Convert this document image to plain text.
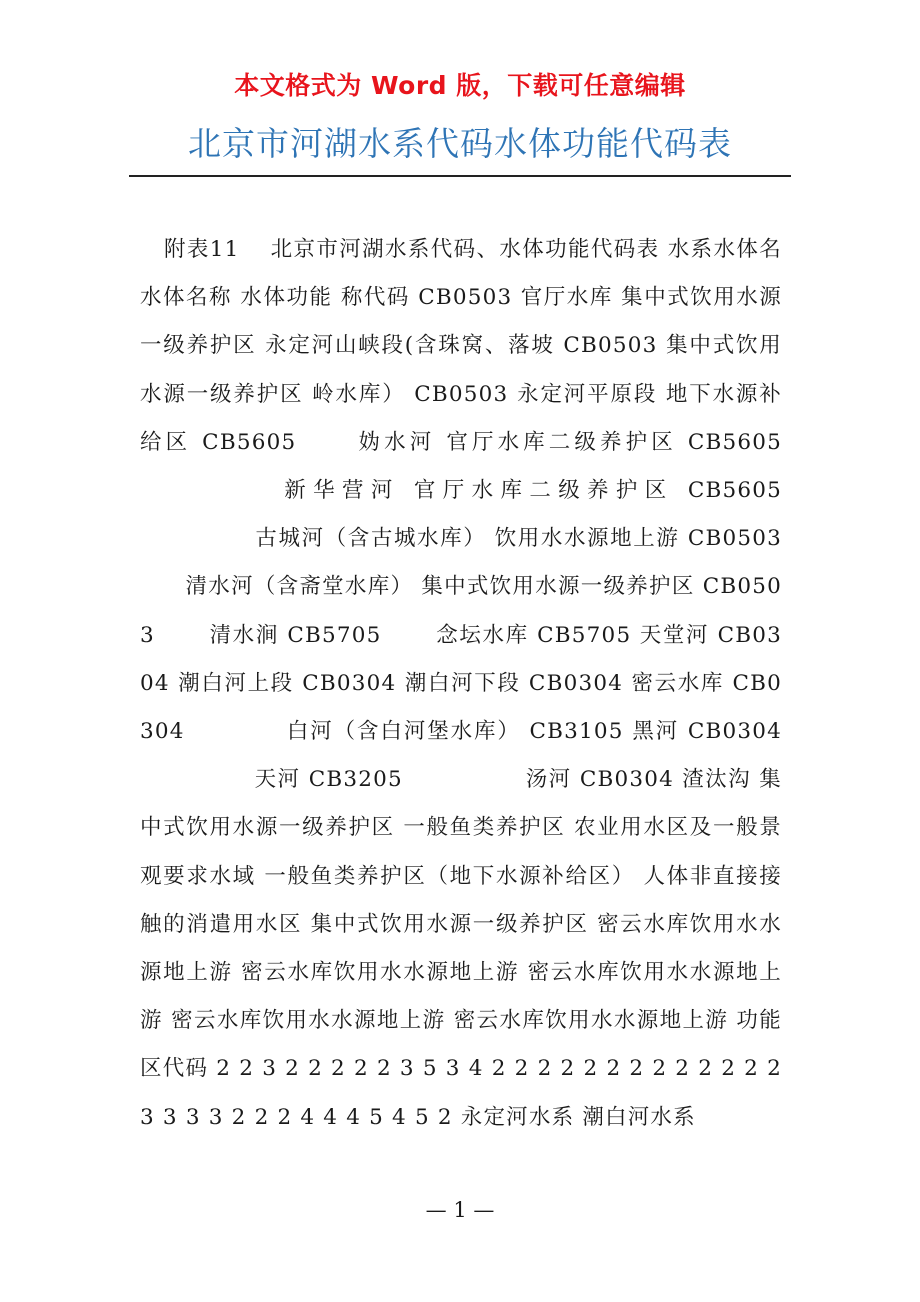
本文格式为 Word 版，下载可任意编辑
北京市河湖水系代码水体功能代码表
附表11 　北京市河湖水系代码、水体功能代码表 水系水体名水体名称 水体功能 称代码 CB0503 官厅水库 集中式饮用水源一级养护区 永定河山峡段(含珠窝、落坡 CB0503 集中式饮用水源一级养护区 岭水库） CB0503 永定河平原段 地下水源补给区 CB5605 　　妫水河 官厅水库二级养护区 CB5605 　　　　　新华营河 官厅水库二级养护区 CB5605 　　　　　古城河（含古城水库） 饮用水水源地上游 CB0503 　　清水河（含斋堂水库） 集中式饮用水源一级养护区 CB0503 　　清水涧 CB5705 　　念坛水库 CB5705 天堂河 CB0304 潮白河上段 CB0304 潮白河下段 CB0304 密云水库 CB0304 　　　　白河（含白河堡水库） CB3105 黑河 CB0304 　　　　　天河 CB3205 　　　　　汤河 CB0304 渣汰沟 集中式饮用水源一级养护区 一般鱼类养护区 农业用水区及一般景观要求水域 一般鱼类养护区（地下水源补给区） 人体非直接接触的消遣用水区 集中式饮用水源一级养护区 密云水库饮用水水源地上游 密云水库饮用水水源地上游 密云水库饮用水水源地上游 密云水库饮用水水源地上游 密云水库饮用水水源地上游 功能区代码 2 2 3 2 2 2 2 2 3 5 3 4 2 2 2 2 2 2 2 2 2 2 2 2 2 3 3 3 3 2 2 2 4 4 4 5 4 5 2 永定河水系 潮白河水系
— 1 —
